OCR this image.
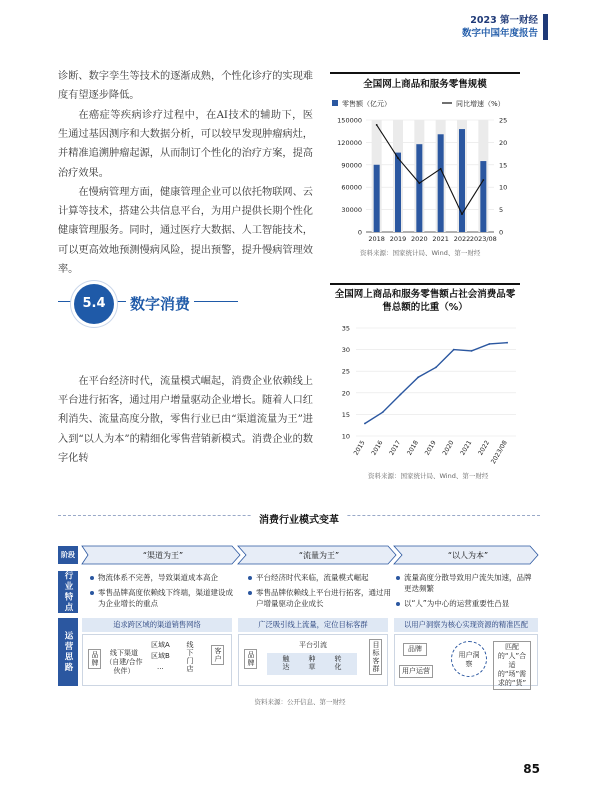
2023 第一财经
数字中国年度报告
诊断、数字孪生等技术的逐渐成熟，个性化诊疗的实现难度有望逐步降低。
在癌症等疾病诊疗过程中，在AI技术的辅助下，医生通过基因测序和大数据分析，可以较早发现肿瘤病灶，并精准追溯肿瘤起源，从而制订个性化的治疗方案，提高治疗效果。
在慢病管理方面，健康管理企业可以依托物联网、云计算等技术，搭建公共信息平台，为用户提供长期个性化健康管理服务。同时，通过医疗大数据、人工智能技术，可以更高效地预测慢病风险，提出预警，提升慢病管理效率。
5.4	数字消费
在平台经济时代，流量模式崛起，消费企业依赖线上平台进行拓客，通过用户增量驱动企业增长。随着人口红利消失、流量高度分散，零售行业已由“渠道流量为王”进入到“以人为本”的精细化零售营销新模式。消费企业的数字化转
全国网上商品和服务零售规模
零售额（亿元）	同比增速（%）
0
30000
60000
90000
120000
150000
0
5
10
15
20
25
2018 2019 2020 2021 2022 2023/08
资料来源：国家统计局、Wind、第一财经
全国网上商品和服务零售额占社会消费品零
售总额的比重（%）
10
15
20
25
30
35
2015 2016 2017 2018 2019 2020 2021 2022
2023/08
资料来源：国家统计局、Wind、第一财经
消费行业模式变革
阶段
行业特点
运营思路
“渠道为王”	“流量为王”	“以人为本”
物流体系不完善，导致渠道成本高企
零售品牌高度依赖线下终端，渠道建设成为企业增长的重点
平台经济时代来临，流量模式崛起
零售品牌依赖线上平台进行拓客，通过用户增量驱动企业成长
流量高度分散导致用户流失加速，品牌更迭频繁
以“人”为中心的运营重要性凸显
追求跨区域的渠道销售网络	广泛吸引线上流量，定位目标客群	以用户洞察为核心实现资源的精准匹配
品牌	线下渠道（自建/合作伙伴）
区域A
区域B
...	线下门店	客户	品牌
平台引流
触达	种草	转化	目标客群	品牌
用户运营
用户洞察
匹配的“人”合适的“场”需求的“货”
资料来源：公开信息、第一财经
85
